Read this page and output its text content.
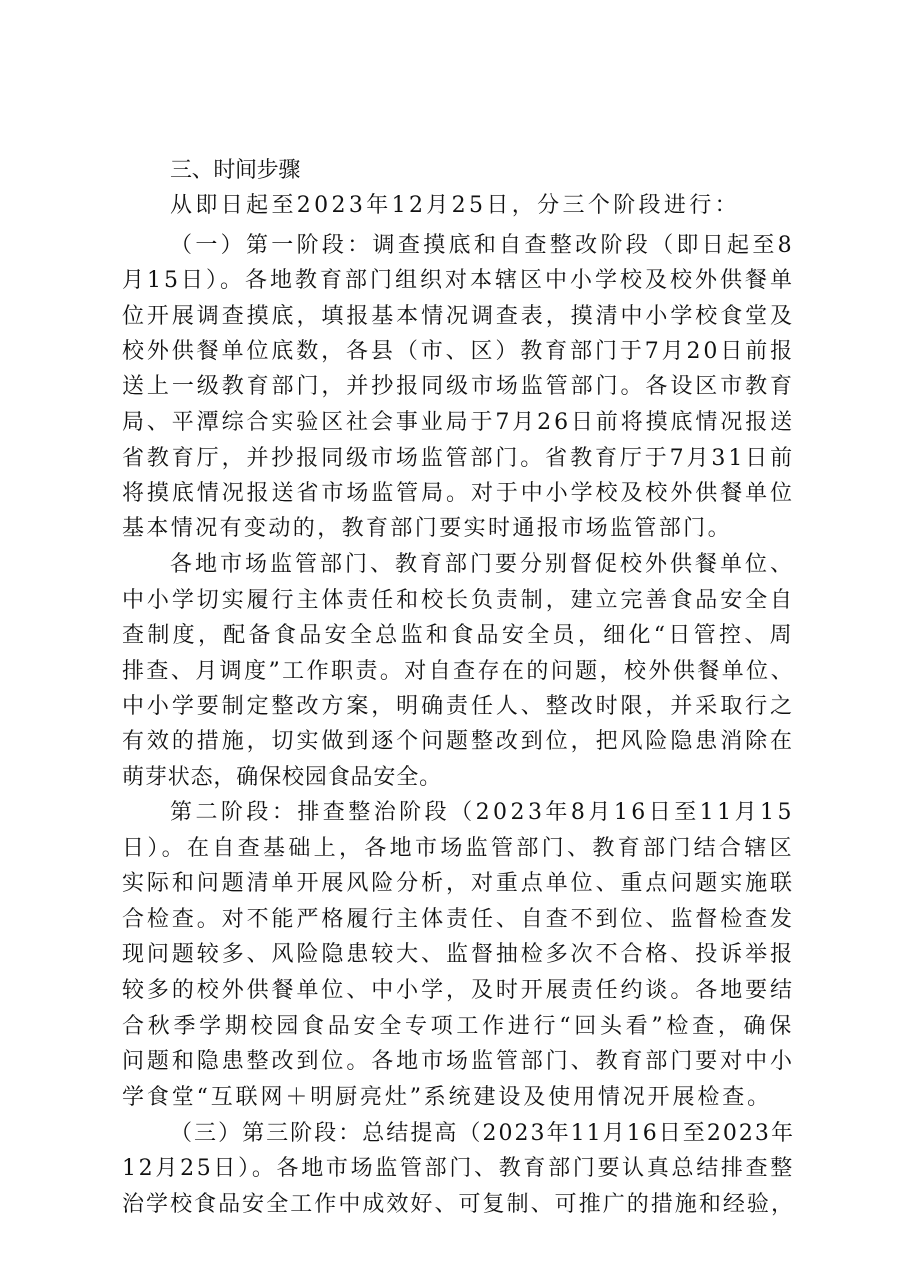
三、时间步骤
从即日起至2023年12月25日，分三个阶段进行：
（一）第一阶段：调查摸底和自查整改阶段（即日起至8
月15日）。各地教育部门组织对本辖区中小学校及校外供餐单
位开展调查摸底，填报基本情况调查表，摸清中小学校食堂及
校外供餐单位底数，各县（市、区）教育部门于7月20日前报
送上一级教育部门，并抄报同级市场监管部门。各设区市教育
局、平潭综合实验区社会事业局于7月26日前将摸底情况报送
省教育厅，并抄报同级市场监管部门。省教育厅于7月31日前
将摸底情况报送省市场监管局。对于中小学校及校外供餐单位
基本情况有变动的，教育部门要实时通报市场监管部门。
各地市场监管部门、教育部门要分别督促校外供餐单位、
中小学切实履行主体责任和校长负责制，建立完善食品安全自
查制度，配备食品安全总监和食品安全员，细化“日管控、周
排查、月调度”工作职责。对自查存在的问题，校外供餐单位、
中小学要制定整改方案，明确责任人、整改时限，并采取行之
有效的措施，切实做到逐个问题整改到位，把风险隐患消除在
萌芽状态，确保校园食品安全。
第二阶段：排查整治阶段（2023年8月16日至11月15
日）。在自查基础上，各地市场监管部门、教育部门结合辖区
实际和问题清单开展风险分析，对重点单位、重点问题实施联
合检查。对不能严格履行主体责任、自查不到位、监督检查发
现问题较多、风险隐患较大、监督抽检多次不合格、投诉举报
较多的校外供餐单位、中小学，及时开展责任约谈。各地要结
合秋季学期校园食品安全专项工作进行“回头看”检查，确保
问题和隐患整改到位。各地市场监管部门、教育部门要对中小
学食堂“互联网＋明厨亮灶”系统建设及使用情况开展检查。
（三）第三阶段：总结提高（2023年11月16日至2023年
12月25日）。各地市场监管部门、教育部门要认真总结排查整
治学校食品安全工作中成效好、可复制、可推广的措施和经验，
